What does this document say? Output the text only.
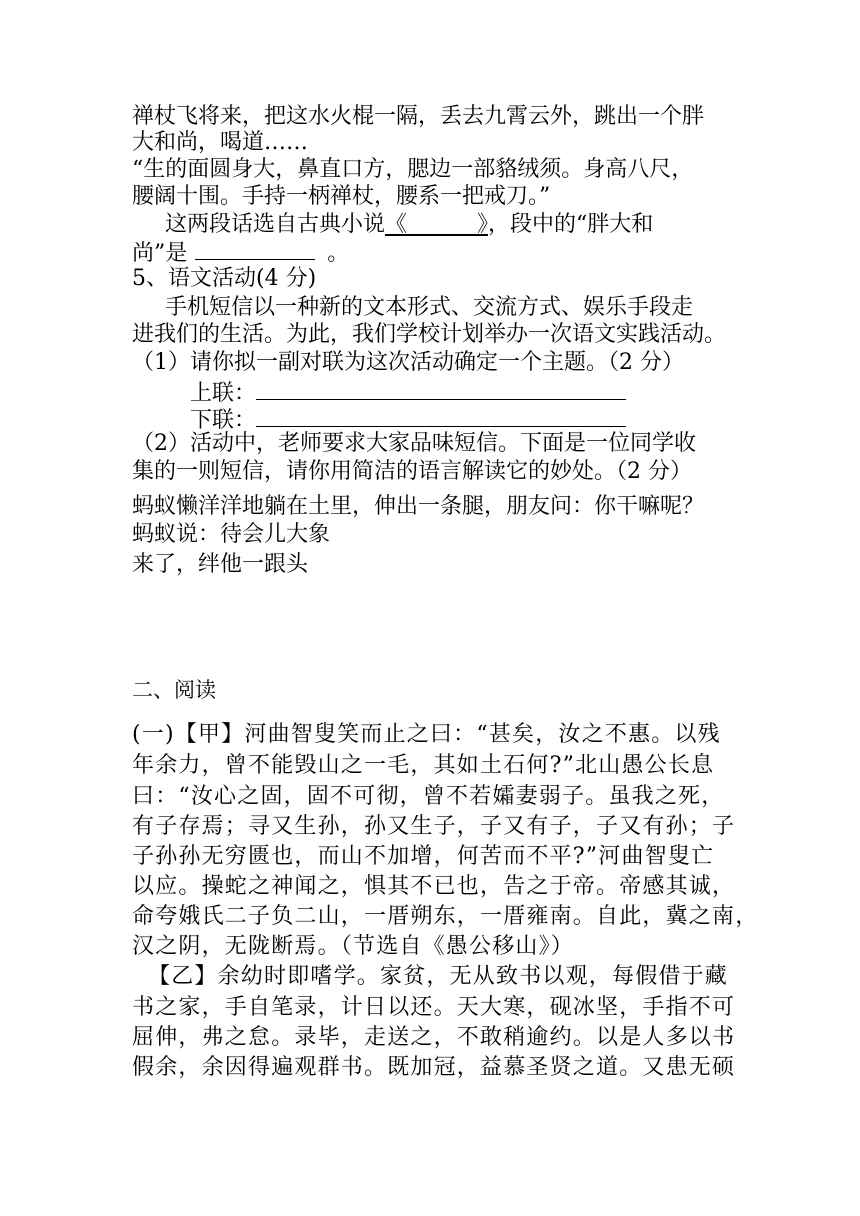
禅杖飞将来，把这水火棍一隔，丢去九霄云外，跳出一个胖

大和尚，喝道……

“生的面圆身大，鼻直口方，腮边一部貉绒须。身高八尺，

腰阔十围。手持一柄禅杖，腰系一把戒刀。”

这两段话选自古典小说《          》，段中的“胖大和

尚”是	。

5、语文活动(4 分)

手机短信以一种新的文本形式、交流方式、娱乐手段走

进我们的生活。为此，我们学校计划举办一次语文实践活动。

（1）请你拟一副对联为这次活动确定一个主题。（2 分）

上联：

下联：

（2）活动中，老师要求大家品味短信。下面是一位同学收

集的一则短信，请你用简洁的语言解读它的妙处。（2 分）

蚂蚁懒洋洋地躺在土里，伸出一条腿，朋友问：你干嘛呢？

蚂蚁说：待会儿大象

来了，绊他一跟头

二、阅读

(一)【甲】河曲智叟笑而止之曰：“甚矣，汝之不惠。以残

年余力，曾不能毁山之一毛，其如土石何?”北山愚公长息

曰：“汝心之固，固不可彻，曾不若孀妻弱子。虽我之死，

有子存焉；寻又生孙，孙又生子，子又有子，子又有孙；子

子孙孙无穷匮也，而山不加增，何苦而不平?”河曲智叟亡

以应。操蛇之神闻之，惧其不已也，告之于帝。帝感其诚，

命夸娥氏二子负二山，一厝朔东，一厝雍南。自此，冀之南，

汉之阴，无陇断焉。（节选自《愚公移山》）

【乙】余幼时即嗜学。家贫，无从致书以观，每假借于藏

书之家，手自笔录，计日以还。天大寒，砚冰坚，手指不可

屈伸，弗之怠。录毕，走送之，不敢稍逾约。以是人多以书

假余，余因得遍观群书。既加冠，益慕圣贤之道。又患无硕
